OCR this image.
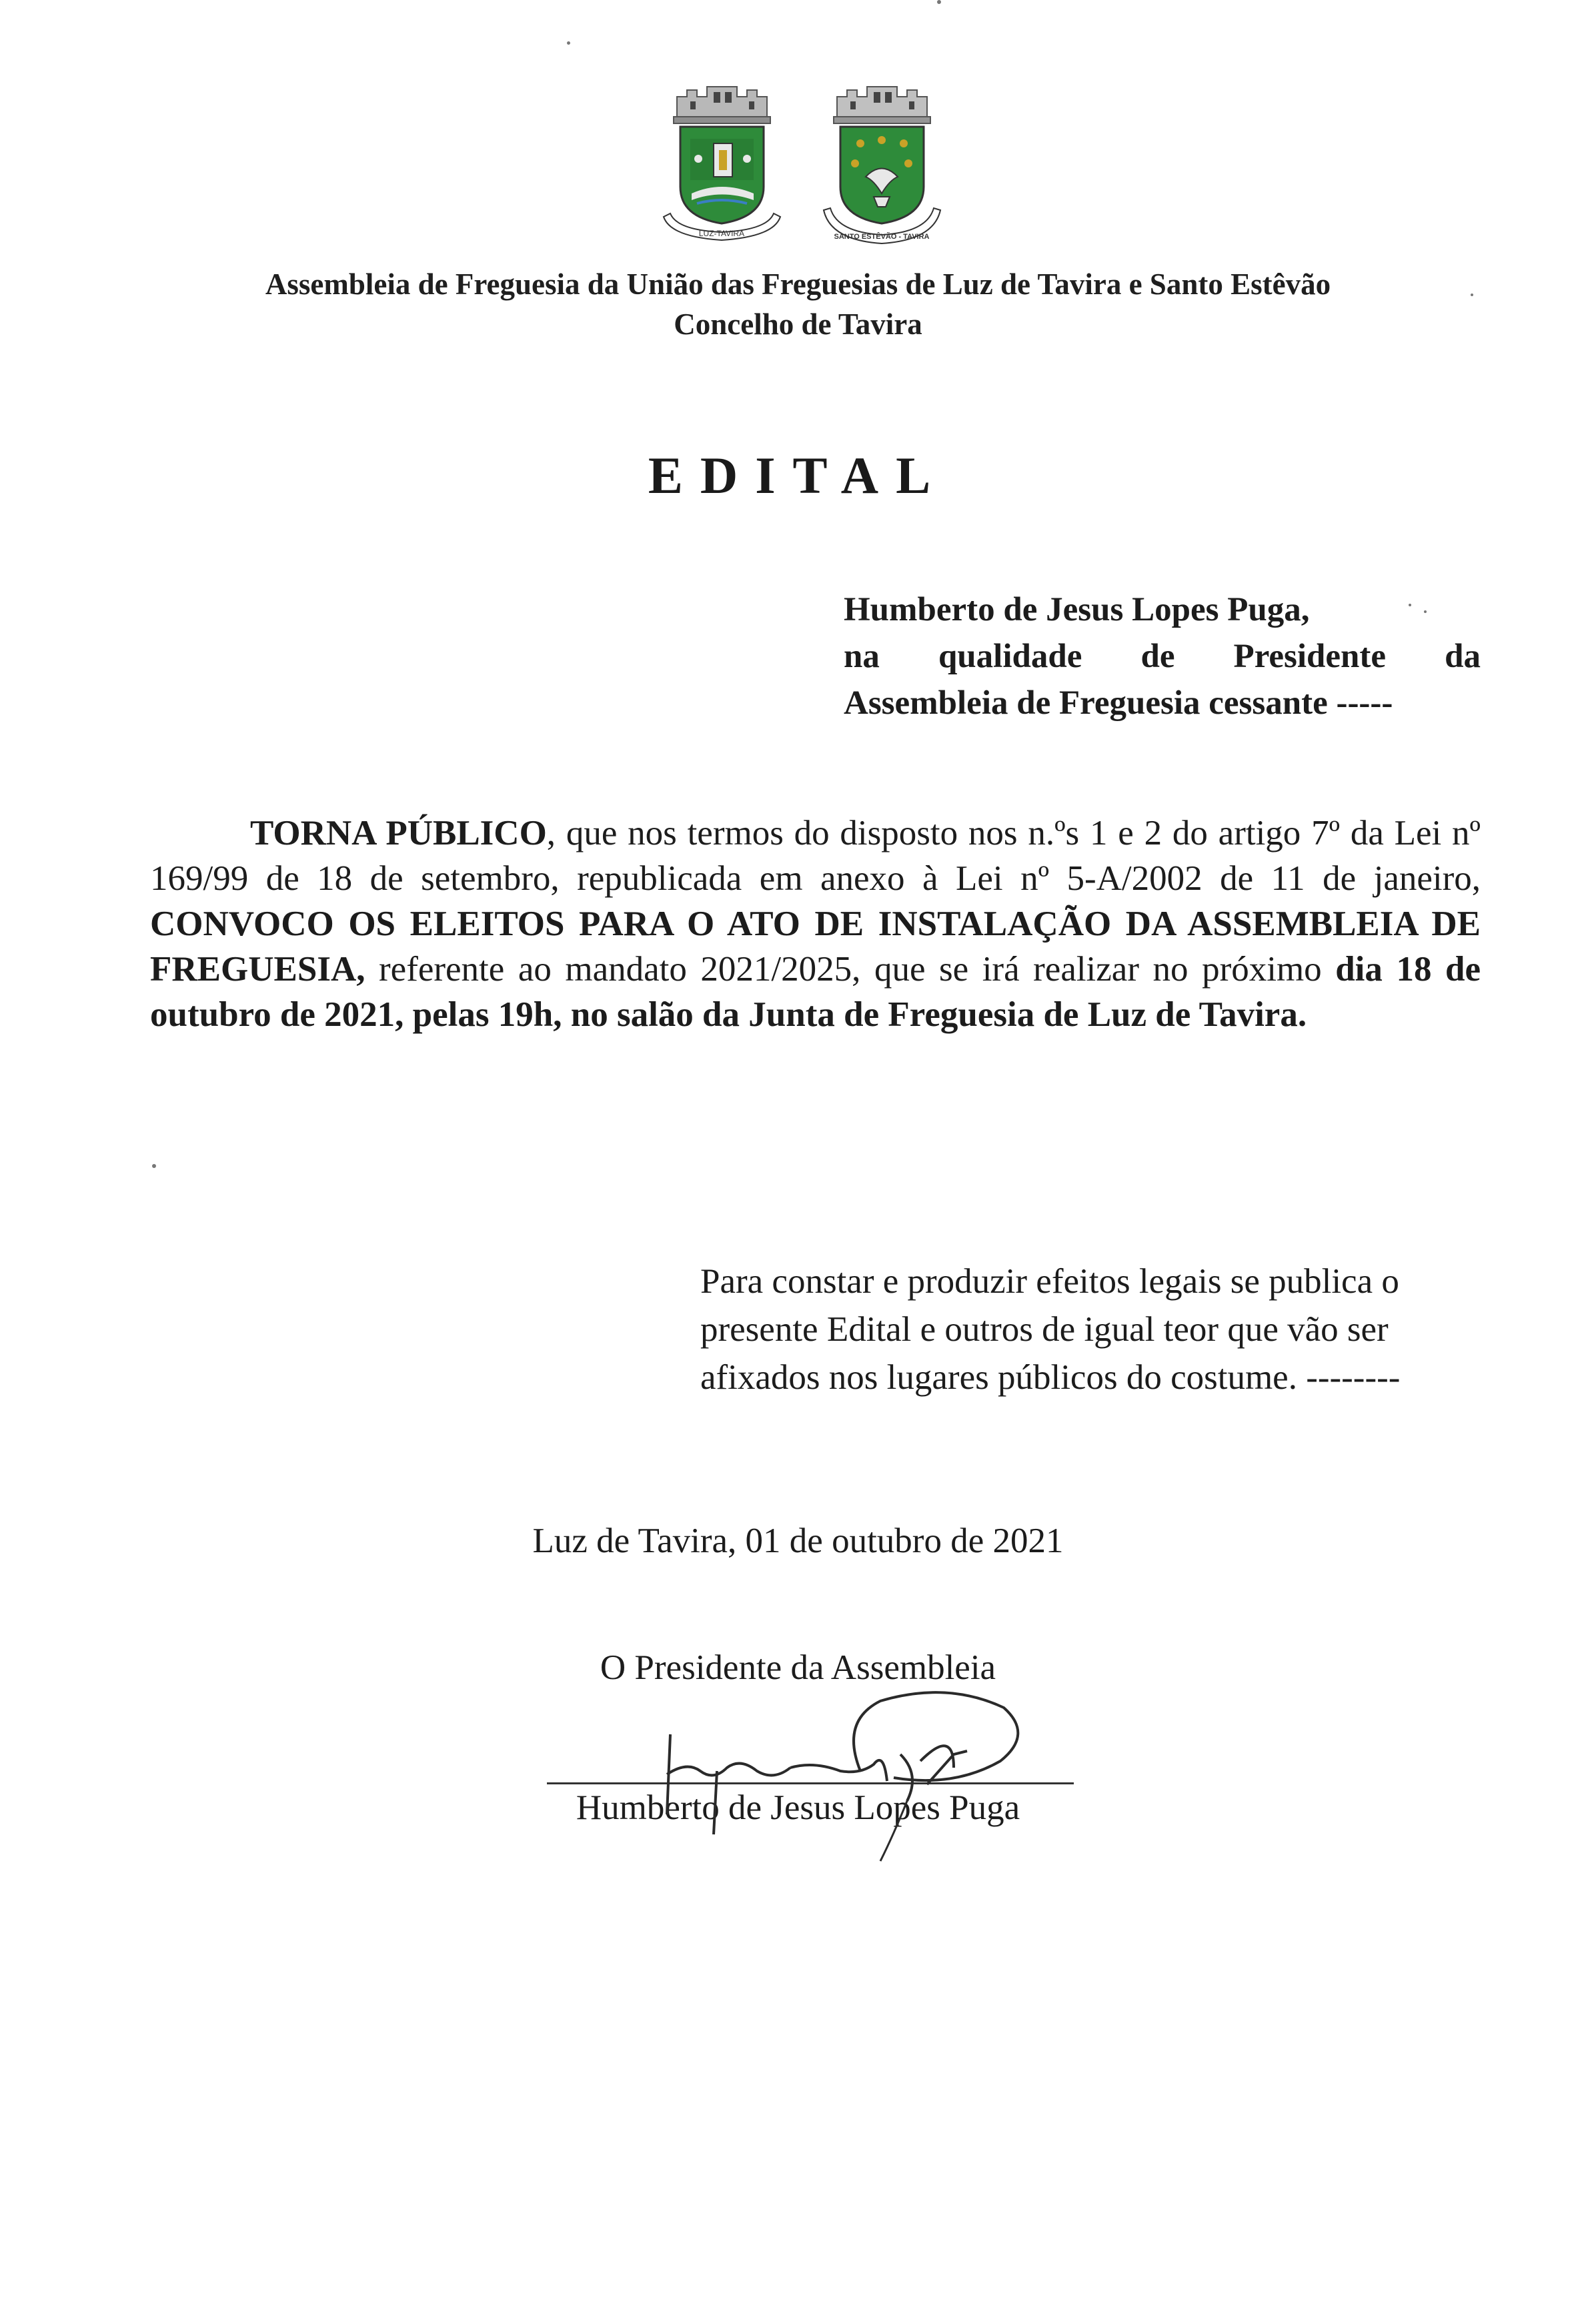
LUZ-TAVIRA	SANTO ESTÊVÃO - TAVIRA
Assembleia de Freguesia da União das Freguesias de Luz de Tavira e Santo Estêvão
Concelho de Tavira
EDITAL
Humberto de Jesus Lopes Puga,
na qualidade de Presidente da
Assembleia de Freguesia cessante -----
TORNA PÚBLICO, que nos termos do disposto nos n.ºs 1 e 2 do artigo 7º da Lei nº 169/99 de 18 de setembro, republicada em anexo à Lei nº 5-A/2002 de 11 de janeiro, CONVOCO OS ELEITOS PARA O ATO DE INSTALAÇÃO DA ASSEMBLEIA DE FREGUESIA, referente ao mandato 2021/2025, que se irá realizar no próximo dia 18 de outubro de 2021, pelas 19h, no salão da Junta de Freguesia de Luz de Tavira.
Para constar e produzir efeitos legais se publica o presente Edital e outros de igual teor que vão ser afixados nos lugares públicos do costume. --------
Luz de Tavira, 01 de outubro de 2021
O Presidente da Assembleia
Humberto de Jesus Lopes Puga
